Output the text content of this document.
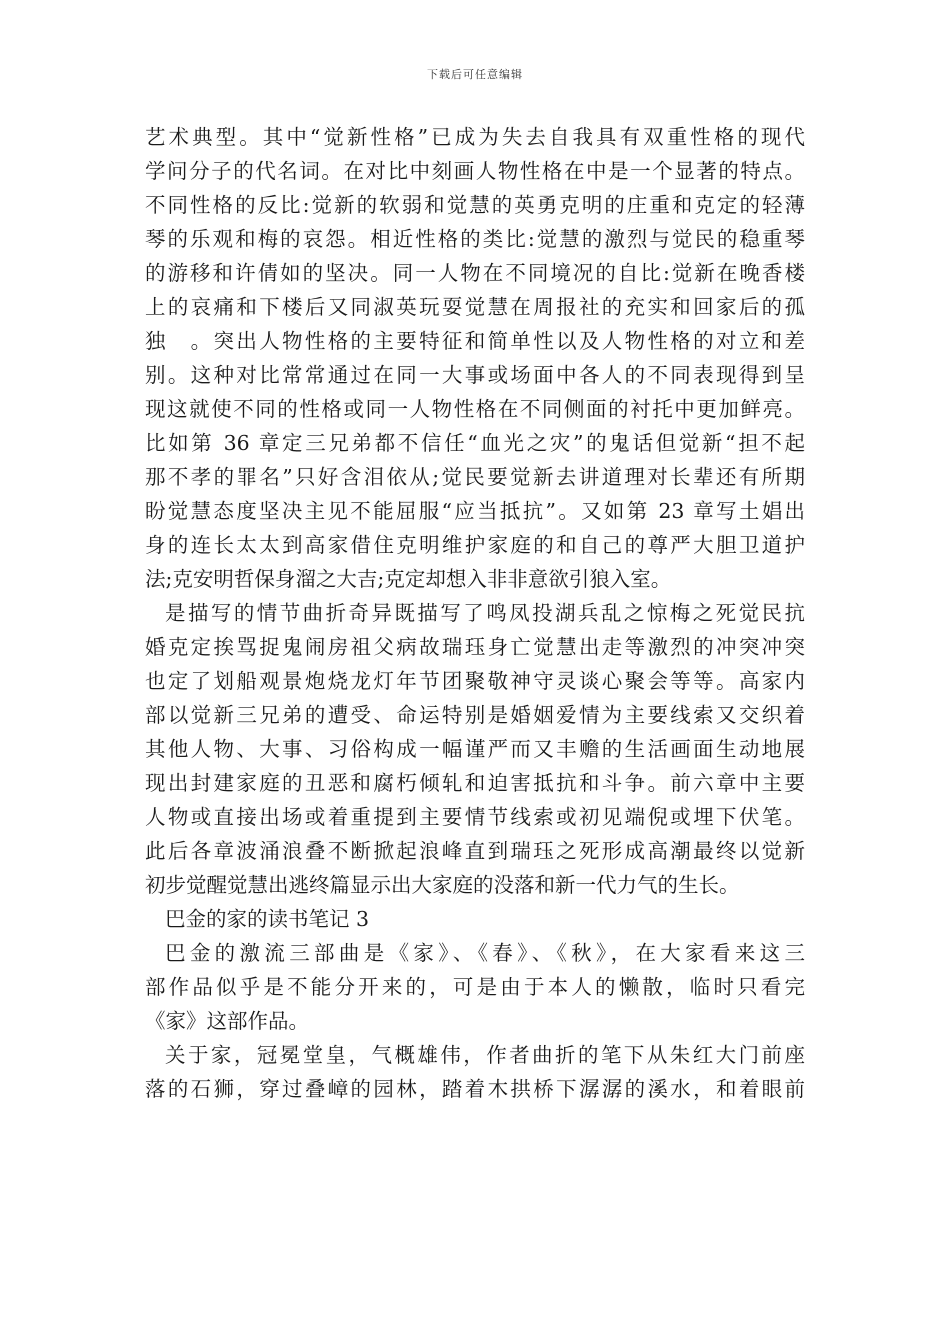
下载后可任意编辑
艺术典型。其中“觉新性格”已成为失去自我具有双重性格的现代
学问分子的代名词。在对比中刻画人物性格在中是一个显著的特点。
不同性格的反比:觉新的软弱和觉慧的英勇克明的庄重和克定的轻薄
琴的乐观和梅的哀怨。相近性格的类比:觉慧的激烈与觉民的稳重琴
的游移和许倩如的坚决。同一人物在不同境况的自比:觉新在晚香楼
上的哀痛和下楼后又同淑英玩耍觉慧在周报社的充实和回家后的孤
独　。突出人物性格的主要特征和简单性以及人物性格的对立和差
别。这种对比常常通过在同一大事或场面中各人的不同表现得到呈
现这就使不同的性格或同一人物性格在不同侧面的衬托中更加鲜亮。
比如第 36 章定三兄弟都不信任“血光之灾”的鬼话但觉新“担不起
那不孝的罪名”只好含泪依从;觉民要觉新去讲道理对长辈还有所期
盼觉慧态度坚决主见不能屈服“应当抵抗”。又如第 23 章写土娼出
身的连长太太到高家借住克明维护家庭的和自己的尊严大胆卫道护
法;克安明哲保身溜之大吉;克定却想入非非意欲引狼入室。
是描写的情节曲折奇异既描写了鸣凤投湖兵乱之惊梅之死觉民抗
婚克定挨骂捉鬼闹房祖父病故瑞珏身亡觉慧出走等激烈的冲突冲突
也定了划船观景炮烧龙灯年节团聚敬神守灵谈心聚会等等。高家内
部以觉新三兄弟的遭受、命运特别是婚姻爱情为主要线索又交织着
其他人物、大事、习俗构成一幅谨严而又丰赡的生活画面生动地展
现出封建家庭的丑恶和腐朽倾轧和迫害抵抗和斗争。前六章中主要
人物或直接出场或着重提到主要情节线索或初见端倪或埋下伏笔。
此后各章波涌浪叠不断掀起浪峰直到瑞珏之死形成高潮最终以觉新
初步觉醒觉慧出逃终篇显示出大家庭的没落和新一代力气的生长。
巴金的家的读书笔记 3
巴金的激流三部曲是《家》、《春》、《秋》，在大家看来这三
部作品似乎是不能分开来的，可是由于本人的懒散，临时只看完
《家》这部作品。
关于家，冠冕堂皇，气概雄伟，作者曲折的笔下从朱红大门前座
落的石狮，穿过叠嶂的园林，踏着木拱桥下潺潺的溪水，和着眼前
